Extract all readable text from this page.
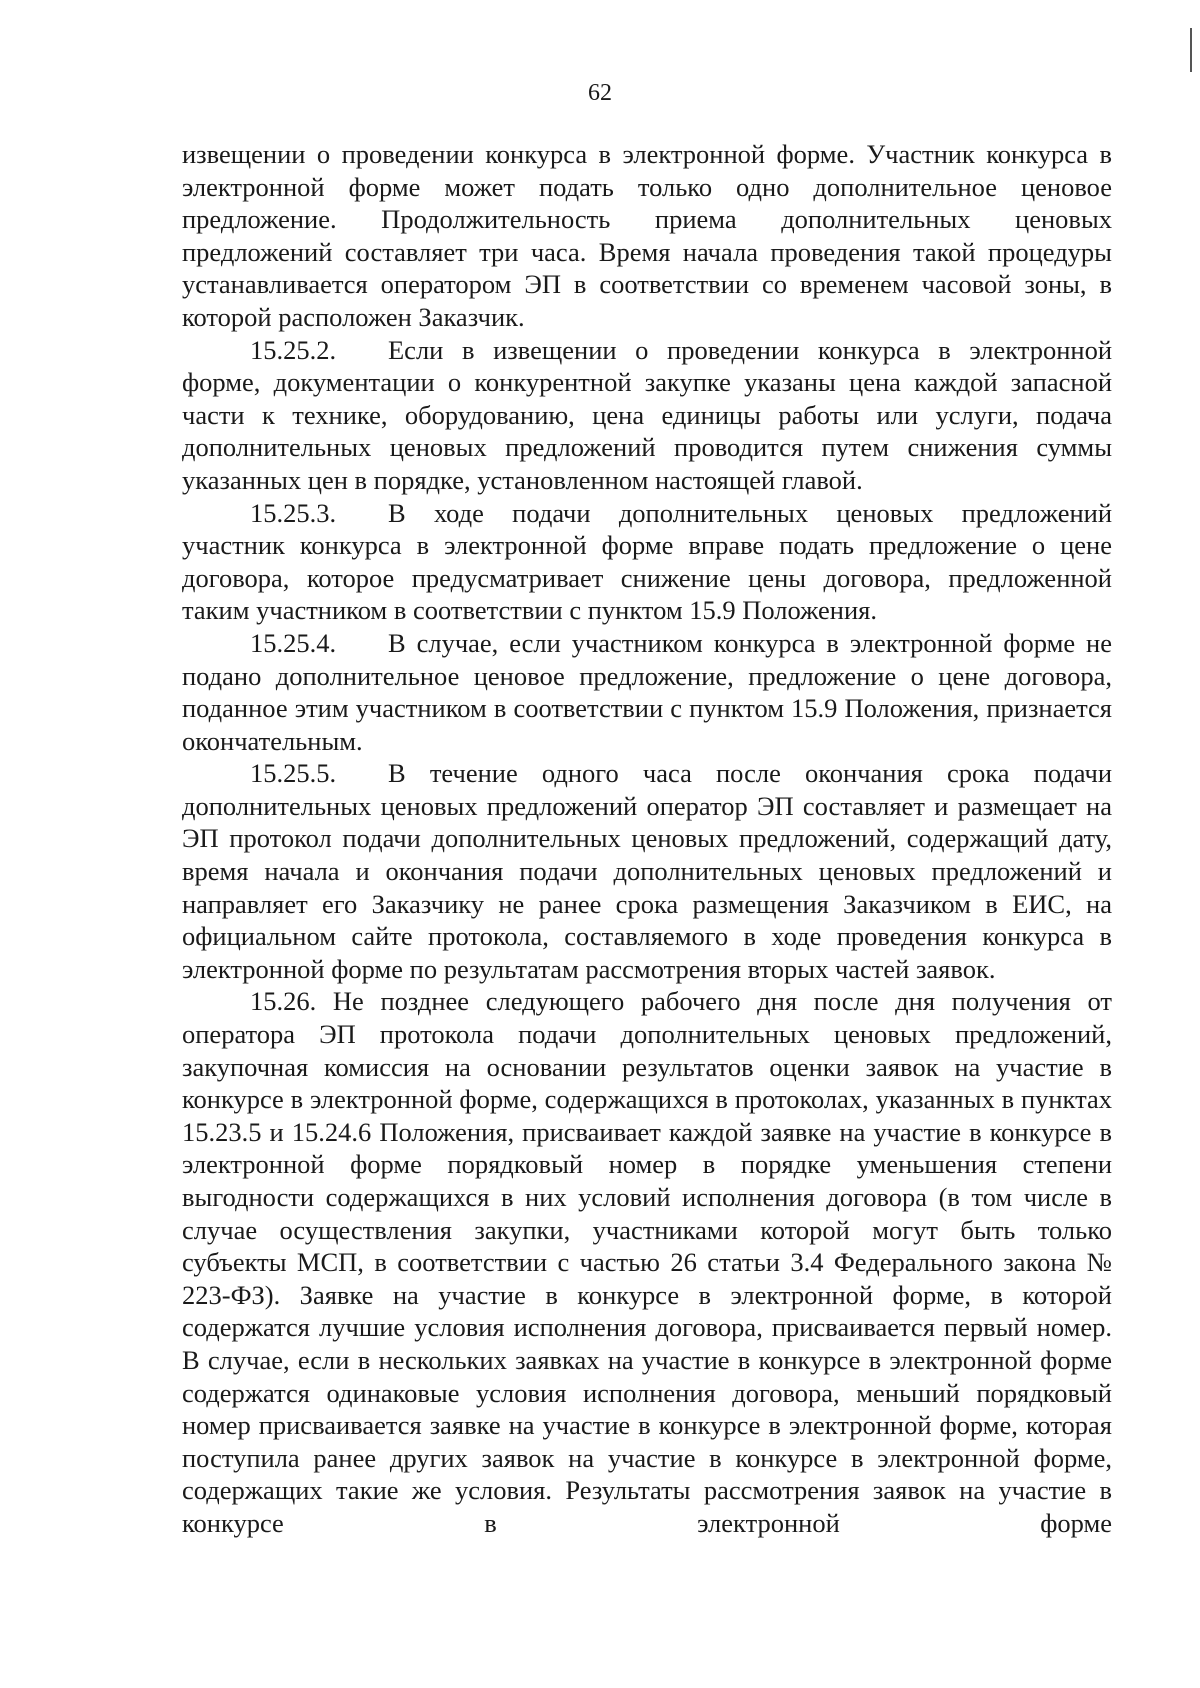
62

извещении о проведении конкурса в электронной форме. Участник конкурса в электронной форме может подать только одно дополнительное ценовое предложение. Продолжительность приема дополнительных ценовых предложений составляет три часа. Время начала проведения такой процедуры устанавливается оператором ЭП в соответствии со временем часовой зоны, в которой расположен Заказчик.

15.25.2. Если в извещении о проведении конкурса в электронной форме, документации о конкурентной закупке указаны цена каждой запасной части к технике, оборудованию, цена единицы работы или услуги, подача дополнительных ценовых предложений проводится путем снижения суммы указанных цен в порядке, установленном настоящей главой.

15.25.3. В ходе подачи дополнительных ценовых предложений участник конкурса в электронной форме вправе подать предложение о цене договора, которое предусматривает снижение цены договора, предложенной таким участником в соответствии с пунктом 15.9 Положения.

15.25.4. В случае, если участником конкурса в электронной форме не подано дополнительное ценовое предложение, предложение о цене договора, поданное этим участником в соответствии с пунктом 15.9 Положения, признается окончательным.

15.25.5. В течение одного часа после окончания срока подачи дополнительных ценовых предложений оператор ЭП составляет и размещает на ЭП протокол подачи дополнительных ценовых предложений, содержащий дату, время начала и окончания подачи дополнительных ценовых предложений и направляет его Заказчику не ранее срока размещения Заказчиком в ЕИС, на официальном сайте протокола, составляемого в ходе проведения конкурса в электронной форме по результатам рассмотрения вторых частей заявок.

15.26. Не позднее следующего рабочего дня после дня получения от оператора ЭП протокола подачи дополнительных ценовых предложений, закупочная комиссия на основании результатов оценки заявок на участие в конкурсе в электронной форме, содержащихся в протоколах, указанных в пунктах 15.23.5 и 15.24.6 Положения, присваивает каждой заявке на участие в конкурсе в электронной форме порядковый номер в порядке уменьшения степени выгодности содержащихся в них условий исполнения договора (в том числе в случае осуществления закупки, участниками которой могут быть только субъекты МСП, в соответствии с частью 26 статьи 3.4 Федерального закона № 223-ФЗ). Заявке на участие в конкурсе в электронной форме, в которой содержатся лучшие условия исполнения договора, присваивается первый номер. В случае, если в нескольких заявках на участие в конкурсе в электронной форме содержатся одинаковые условия исполнения договора, меньший порядковый номер присваивается заявке на участие в конкурсе в электронной форме, которая поступила ранее других заявок на участие в конкурсе в электронной форме, содержащих такие же условия. Результаты рассмотрения заявок на участие в конкурсе в электронной форме
